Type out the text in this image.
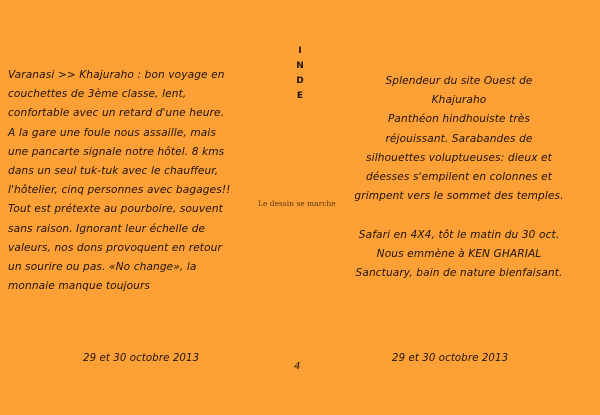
Varanasi >> Khajuraho : bon voyage en
couchettes de 3ème classe, lent,
confortable avec un retard d'une heure.
A la gare une foule nous assaille, mais
une pancarte signale notre hôtel. 8 kms
dans un seul tuk-tuk avec le chauffeur,
l'hôtelier, cinq personnes avec bagages!!
Tout est prétexte au pourboire, souvent
sans raison. Ignorant leur échelle de
valeurs, nos dons provoquent en retour
un sourire ou pas. «No change», la
monnaie manque toujours
I
N
D
E
Le dessin se marche
Splendeur du site Ouest de
Khajuraho
Panthéon hindhouiste très
réjouissant. Sarabandes de
silhouettes voluptueuses: dieux et
déesses s'empilent en colonnes et
grimpent vers le sommet des temples.

Safari en 4X4, tôt le matin du 30 oct.
Nous emmène à KEN GHARIAL
Sanctuary, bain de nature bienfaisant.
29 et 30 octobre 2013
4
29 et 30 octobre 2013
